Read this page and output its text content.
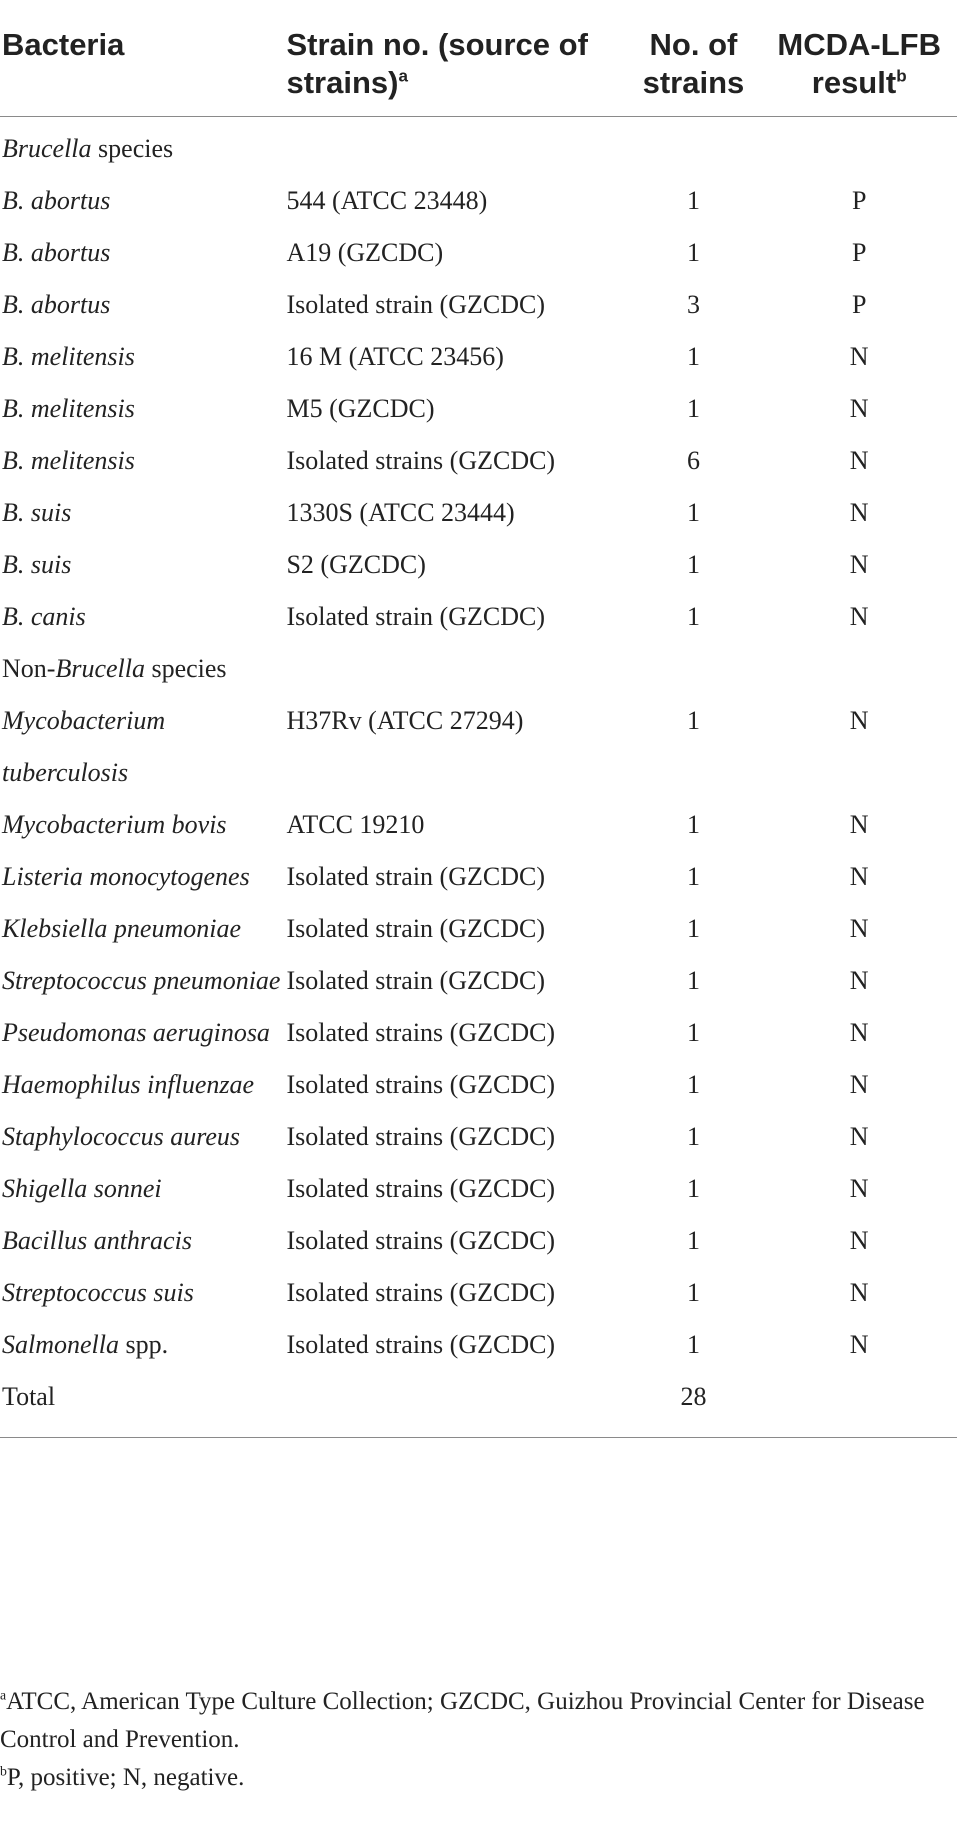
Bacteria	Strain no. (source of strains)$^a$	No. of strains	MCDA-LFB result$^b$
Brucella species			
B. abortus	544 (ATCC 23448)	1	P
B. abortus	A19 (GZCDC)	1	P
B. abortus	Isolated strain (GZCDC)	3	P
B. melitensis	16 M (ATCC 23456)	1	N
B. melitensis	M5 (GZCDC)	1	N
B. melitensis	Isolated strains (GZCDC)	6	N
B. suis	1330S (ATCC 23444)	1	N
B. suis	S2 (GZCDC)	1	N
B. canis	Isolated strain (GZCDC)	1	N
Non-Brucella species			
Mycobacterium tuberculosis	H37Rv (ATCC 27294)	1	N
Mycobacterium bovis	ATCC 19210	1	N
Listeria monocytogenes	Isolated strain (GZCDC)	1	N
Klebsiella pneumoniae	Isolated strain (GZCDC)	1	N
Streptococcus pneumoniae	Isolated strain (GZCDC)	1	N
Pseudomonas aeruginosa	Isolated strains (GZCDC)	1	N
Haemophilus influenzae	Isolated strains (GZCDC)	1	N
Staphylococcus aureus	Isolated strains (GZCDC)	1	N
Shigella sonnei	Isolated strains (GZCDC)	1	N
Bacillus anthracis	Isolated strains (GZCDC)	1	N
Streptococcus suis	Isolated strains (GZCDC)	1	N
Salmonella spp.	Isolated strains (GZCDC)	1	N
Total		28	

$^a$ATCC, American Type Culture Collection; GZCDC, Guizhou Provincial Center for Disease Control and Prevention.

$^b$P, positive; N, negative.
